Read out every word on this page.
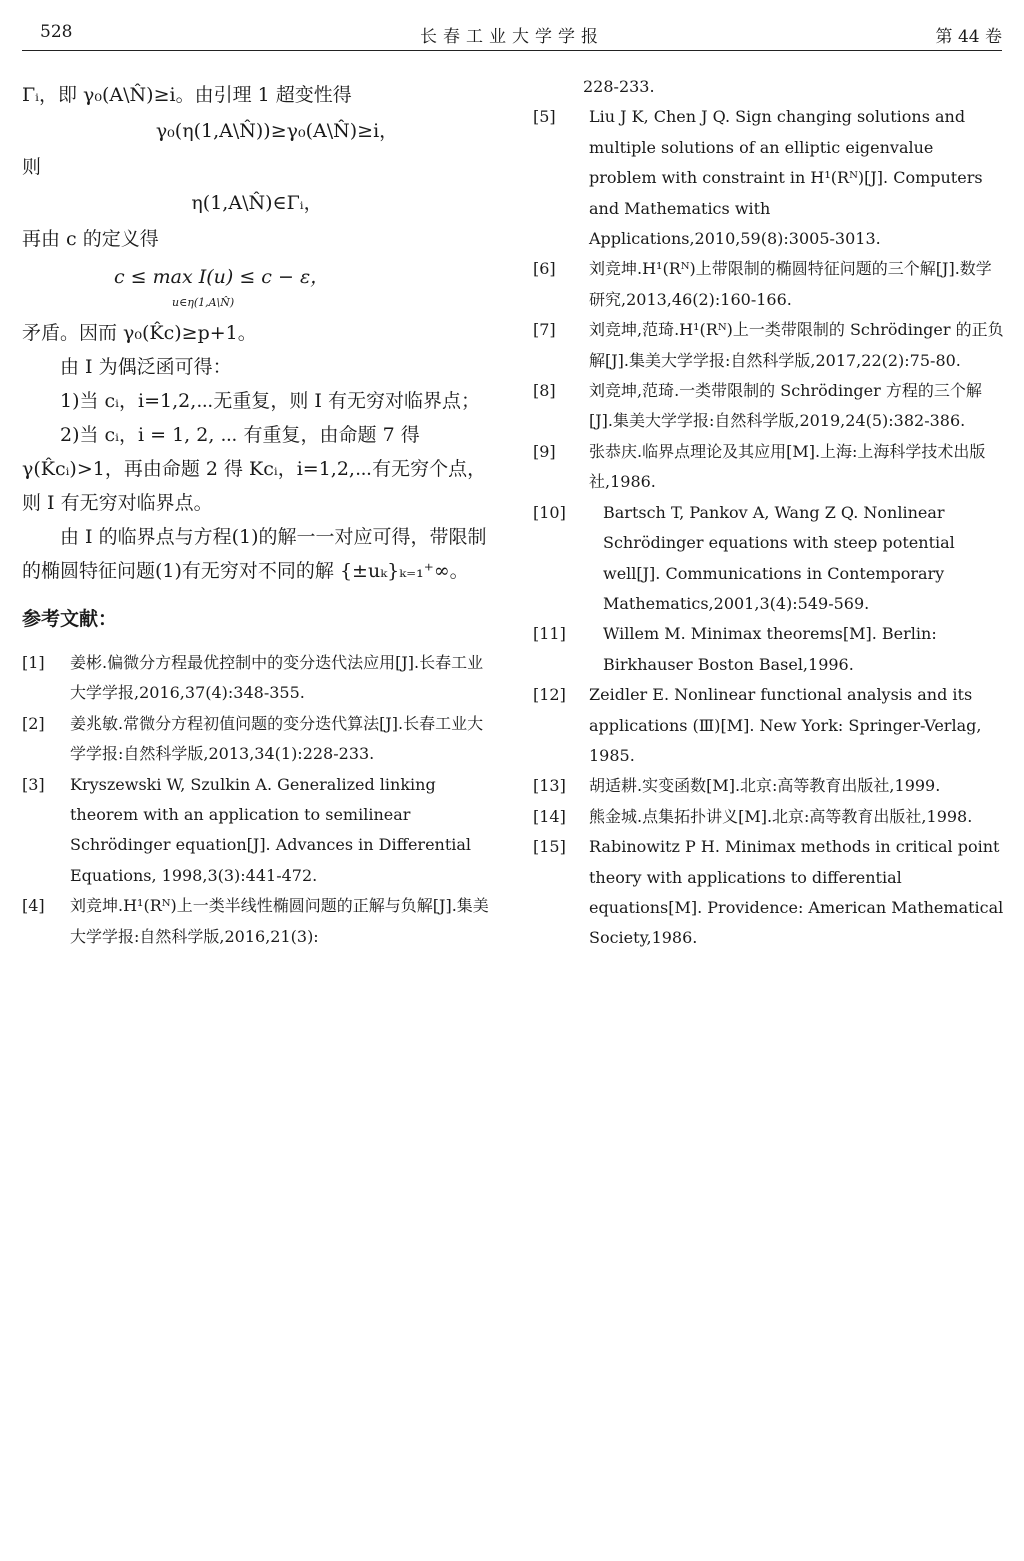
528	长春工业大学学报	第 44 卷

Γᵢ，即 γ₀(A\N̂)≥i。由引理 1 超变性得

γ₀(η(1,A\N̂))≥γ₀(A\N̂)≥i，

则

η(1,A\N̂)∈Γᵢ，

再由 c 的定义得

c ≤ max I(u) ≤ c − ε，
u∈η(1,A\N̂)

矛盾。因而 γ₀(K̂c)≥p+1。

由 I 为偶泛函可得：

1)当 cᵢ，i=1,2,⋯无重复，则 I 有无穷对临界点；

2)当 cᵢ，i = 1, 2, ⋯ 有重复，由命题 7 得 γ(K̂cᵢ)>1，再由命题 2 得 Kcᵢ，i=1,2,⋯有无穷个点，则 I 有无穷对临界点。

由 I 的临界点与方程(1)的解一一对应可得，带限制的椭圆特征问题(1)有无穷对不同的解 {±uₖ}ₖ₌₁⁺∞。

参考文献：

[1] 姜彬.偏微分方程最优控制中的变分迭代法应用[J].长春工业大学学报,2016,37(4):348-355.

[2] 姜兆敏.常微分方程初值问题的变分迭代算法[J].长春工业大学学报:自然科学版,2013,34(1):228-233.

[3] Kryszewski W, Szulkin A. Generalized linking theorem with an application to semilinear Schrödinger equation[J]. Advances in Differential Equations, 1998,3(3):441-472.

[4] 刘竞坤.H¹(Rᴺ)上一类半线性椭圆问题的正解与负解[J].集美大学学报:自然科学版,2016,21(3):

228-233.

[5] Liu J K, Chen J Q. Sign changing solutions and multiple solutions of an elliptic eigenvalue problem with constraint in H¹(Rᴺ)[J]. Computers and Mathematics with Applications,2010,59(8):3005-3013.

[6] 刘竞坤.H¹(Rᴺ)上带限制的椭圆特征问题的三个解[J].数学研究,2013,46(2):160-166.

[7] 刘竞坤,范琦.H¹(Rᴺ)上一类带限制的 Schrödinger 的正负解[J].集美大学学报:自然科学版,2017,22(2):75-80.

[8] 刘竞坤,范琦.一类带限制的 Schrödinger 方程的三个解[J].集美大学学报:自然科学版,2019,24(5):382-386.

[9] 张恭庆.临界点理论及其应用[M].上海:上海科学技术出版社,1986.

[10] Bartsch T, Pankov A, Wang Z Q. Nonlinear Schrödinger equations with steep potential well[J]. Communications in Contemporary Mathematics,2001,3(4):549-569.

[11] Willem M. Minimax theorems[M]. Berlin: Birkhauser Boston Basel,1996.

[12] Zeidler E. Nonlinear functional analysis and its applications (Ⅲ)[M]. New York: Springer-Verlag, 1985.

[13] 胡适耕.实变函数[M].北京:高等教育出版社,1999.

[14] 熊金城.点集拓扑讲义[M].北京:高等教育出版社,1998.

[15] Rabinowitz P H. Minimax methods in critical point theory with applications to differential equations[M]. Providence: American Mathematical Society,1986.
